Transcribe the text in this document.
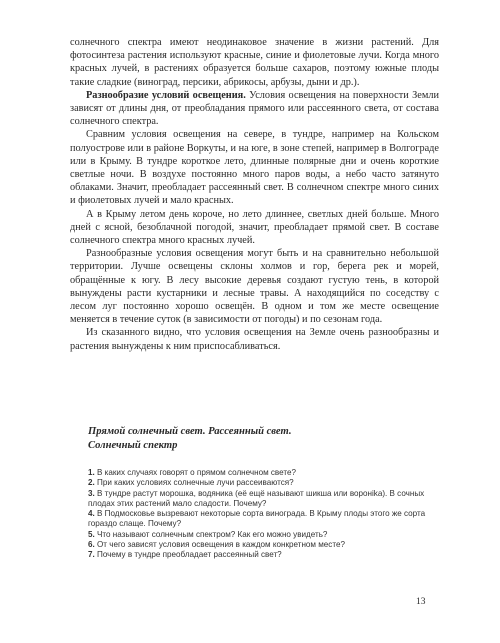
солнечного спектра имеют неодинаковое значение в жизни растений. Для фотосинтеза растения используют красные, синие и фиолетовые лучи. Когда много красных лучей, в растениях образуется больше сахаров, поэтому южные плоды такие сладкие (виноград, персики, абрикосы, арбузы, дыни и др.).

Разнообразие условий освещения. Условия освещения на поверхности Земли зависят от длины дня, от преобладания прямого или рассеянного света, от состава солнечного спектра.

Сравним условия освещения на севере, в тундре, например на Кольском полуострове или в районе Воркуты, и на юге, в зоне степей, например в Волгограде или в Крыму. В тундре короткое лето, длинные полярные дни и очень короткие светлые ночи. В воздухе постоянно много паров воды, а небо часто затянуто облаками. Значит, преобладает рассеянный свет. В солнечном спектре много синих и фиолетовых лучей и мало красных.

А в Крыму летом день короче, но лето длиннее, светлых дней больше. Много дней с ясной, безоблачной погодой, значит, преобладает прямой свет. В составе солнечного спектра много красных лучей.

Разнообразные условия освещения могут быть и на сравнительно небольшой территории. Лучше освещены склоны холмов и гор, берега рек и морей, обращённые к югу. В лесу высокие деревья создают густую тень, в которой вынуждены расти кустарники и лесные травы. А находящийся по соседству с лесом луг постоянно хорошо освещён. В одном и том же месте освещение меняется в течение суток (в зависимости от погоды) и по сезонам года.

Из сказанного видно, что условия освещения на Земле очень разнообразны и растения вынуждены к ним приспосабливаться.

Прямой солнечный свет. Рассеянный свет.
Солнечный спектр
1. В каких случаях говорят о прямом солнечном свете?
2. При каких условиях солнечные лучи рассеиваются?
3. В тундре растут морошка, водяника (её ещё называют шикша или воронika). В сочных плодах этих растений мало сладости. Почему?
4. В Подмосковье вызревают некоторые сорта винограда. В Крыму плоды этого же сорта гораздо слаще. Почему?
5. Что называют солнечным спектром? Как его можно увидеть?
6. От чего зависят условия освещения в каждом конкретном месте?
7. Почему в тундре преобладает рассеянный свет?
13
